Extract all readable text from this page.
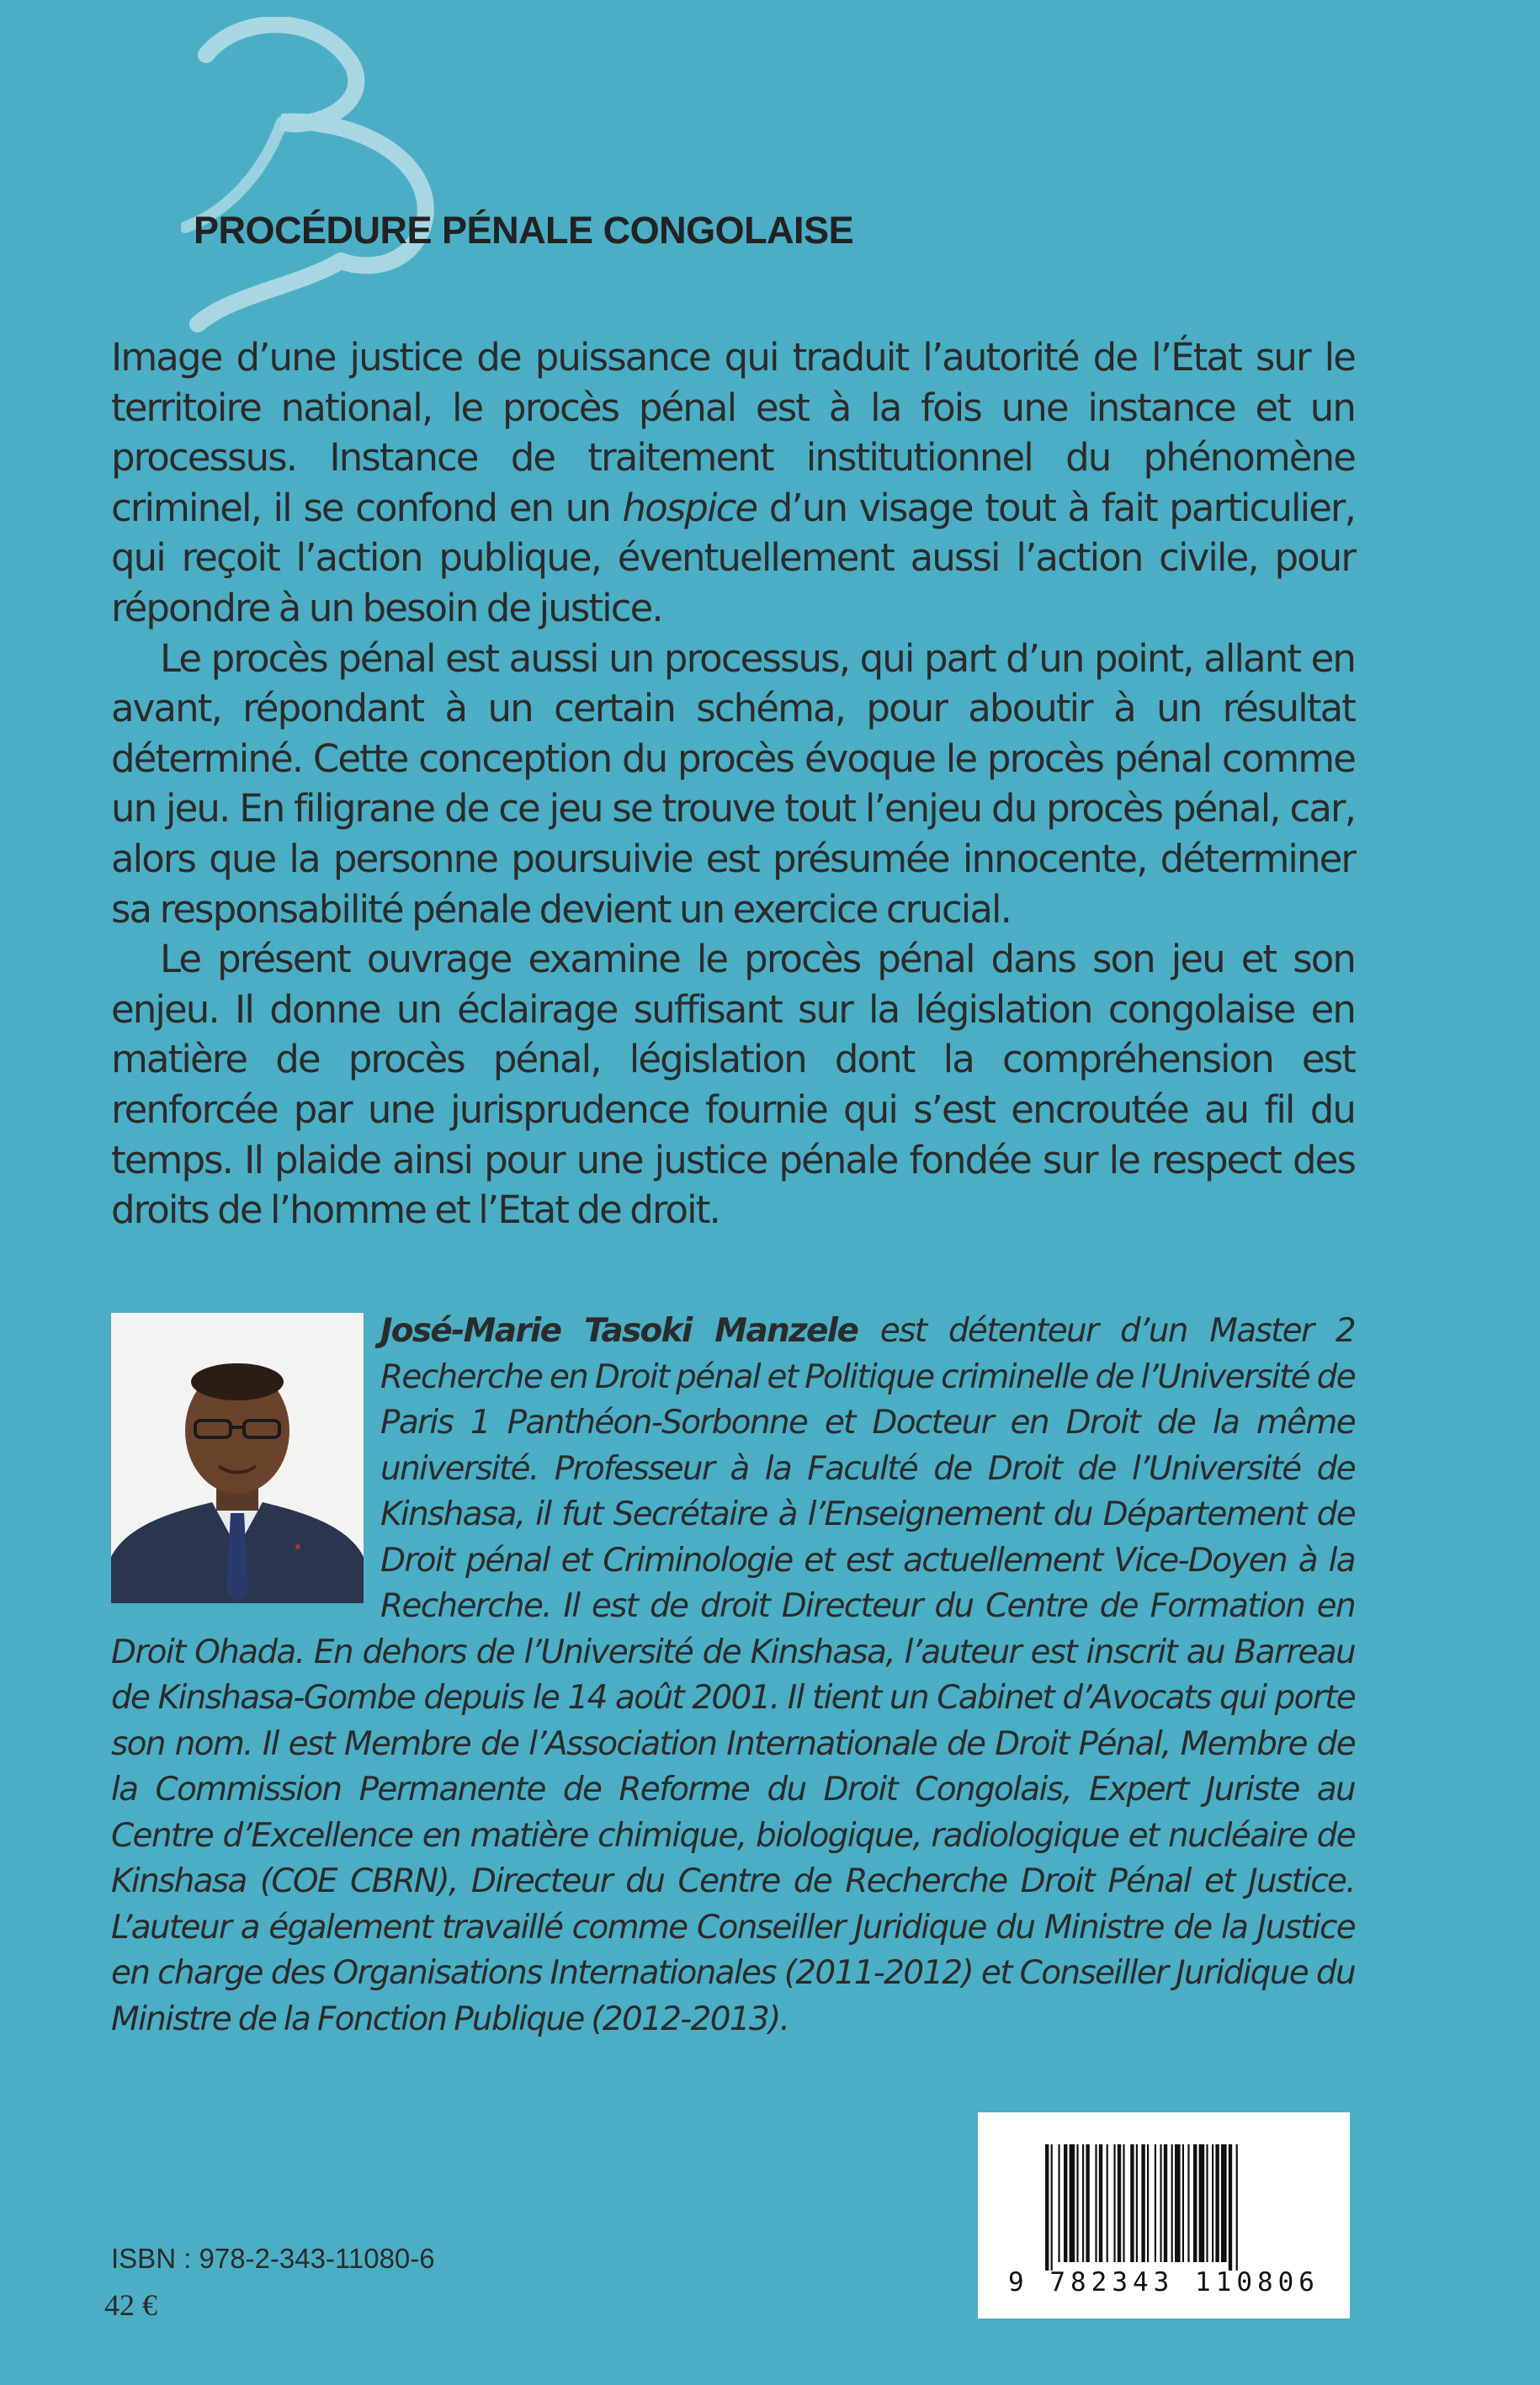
PROCÉDURE PÉNALE CONGOLAISE

Image d’une justice de puissance qui traduit l’autorité de l’État sur le territoire national, le procès pénal est à la fois une instance et un processus. Instance de traitement institutionnel du phénomène criminel, il se confond en un hospice d’un visage tout à fait particulier, qui reçoit l’action publique, éventuellement aussi l’action civile, pour répondre à un besoin de justice.

Le procès pénal est aussi un processus, qui part d’un point, allant en avant, répondant à un certain schéma, pour aboutir à un résultat déterminé. Cette conception du procès évoque le procès pénal comme un jeu. En filigrane de ce jeu se trouve tout l’enjeu du procès pénal, car, alors que la personne poursuivie est présumée innocente, déterminer sa responsabilité pénale devient un exercice crucial.

Le présent ouvrage examine le procès pénal dans son jeu et son enjeu. Il donne un éclairage suffisant sur la législation congolaise en matière de procès pénal, législation dont la compréhension est renforcée par une jurisprudence fournie qui s’est encroutée au fil du temps. Il plaide ainsi pour une justice pénale fondée sur le respect des droits de l’homme et l’Etat de droit.

José-Marie Tasoki Manzele est détenteur d’un Master 2 Recherche en Droit pénal et Politique criminelle de l’Université de Paris 1 Panthéon-Sorbonne et Docteur en Droit de la même université. Professeur à la Faculté de Droit de l’Université de Kinshasa, il fut Secrétaire à l’Enseignement du Département de Droit pénal et Criminologie et est actuellement Vice-Doyen à la Recherche. Il est de droit Directeur du Centre de Formation en Droit Ohada. En dehors de l’Université de Kinshasa, l’auteur est inscrit au Barreau de Kinshasa-Gombe depuis le 14 août 2001. Il tient un Cabinet d’Avocats qui porte son nom. Il est Membre de l’Association Internationale de Droit Pénal, Membre de la Commission Permanente de Reforme du Droit Congolais, Expert Juriste au Centre d’Excellence en matière chimique, biologique, radiologique et nucléaire de Kinshasa (COE CBRN), Directeur du Centre de Recherche Droit Pénal et Justice. L’auteur a également travaillé comme Conseiller Juridique du Ministre de la Justice en charge des Organisations Internationales (2011-2012) et Conseiller Juridique du Ministre de la Fonction Publique (2012-2013).
9 782343 110806

ISBN : 978-2-343-11080-6

42 €
